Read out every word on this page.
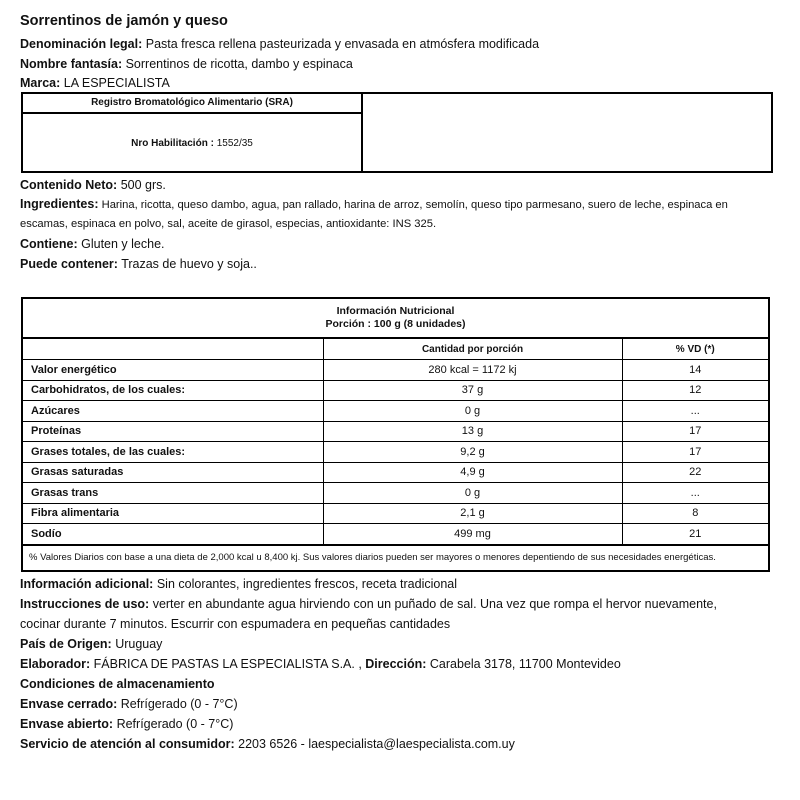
Sorrentinos de jamón y queso
Denominación legal: Pasta fresca rellena pasteurizada y envasada en atmósfera modificada
Nombre fantasía: Sorrentinos de ricotta, dambo y espinaca
Marca: LA ESPECIALISTA
Registro Bromatológico Alimentario (SRA)
Nro Habilitación : 1552/35
Contenido Neto: 500 grs.
Ingredientes: Harina, ricotta, queso dambo, agua, pan rallado, harina de arroz, semolín, queso tipo parmesano, suero de leche, espinaca en
escamas, espinaca en polvo, sal, aceite de girasol, especias, antioxidante: INS 325.
Contiene: Gluten y leche.
Puede contener: Trazas de huevo y soja..
Información Nutricional
Porción : 100 g (8 unidades)		

	Cantidad por porción	% VD (*)
Valor energético	280 kcal = 1172 kj	14
Carbohidratos, de los cuales:	37 g	12
Azúcares	0 g	...
Proteínas	13 g	17
Grases totales, de las cuales:	9,2 g	17
Grasas saturadas	4,9 g	22
Grasas trans	0 g	...
Fibra alimentaria	2,1 g	8
Sodío	499 mg	21
% Valores Diarios con base a una dieta de 2,000 kcal u 8,400 kj. Sus valores diarios pueden ser mayores o menores depentiendo de sus necesidades energéticas.		
Información adicional: Sin colorantes, ingredientes frescos, receta tradicional
Instrucciones de uso: verter en abundante agua hirviendo con un puñado de sal. Una vez que rompa el hervor nuevamente,
cocinar durante 7 minutos. Escurrir con espumadera en pequeñas cantidades
País de Origen: Uruguay
Elaborador: FÁBRICA DE PASTAS LA ESPECIALISTA S.A. , Dirección: Carabela 3178, 11700 Montevideo
Condiciones de almacenamiento
Envase cerrado: Refrígerado (0 - 7°C)
Envase abierto: Refrígerado (0 - 7°C)
Servicio de atención al consumidor: 2203 6526 - laespecialista@laespecialista.com.uy
